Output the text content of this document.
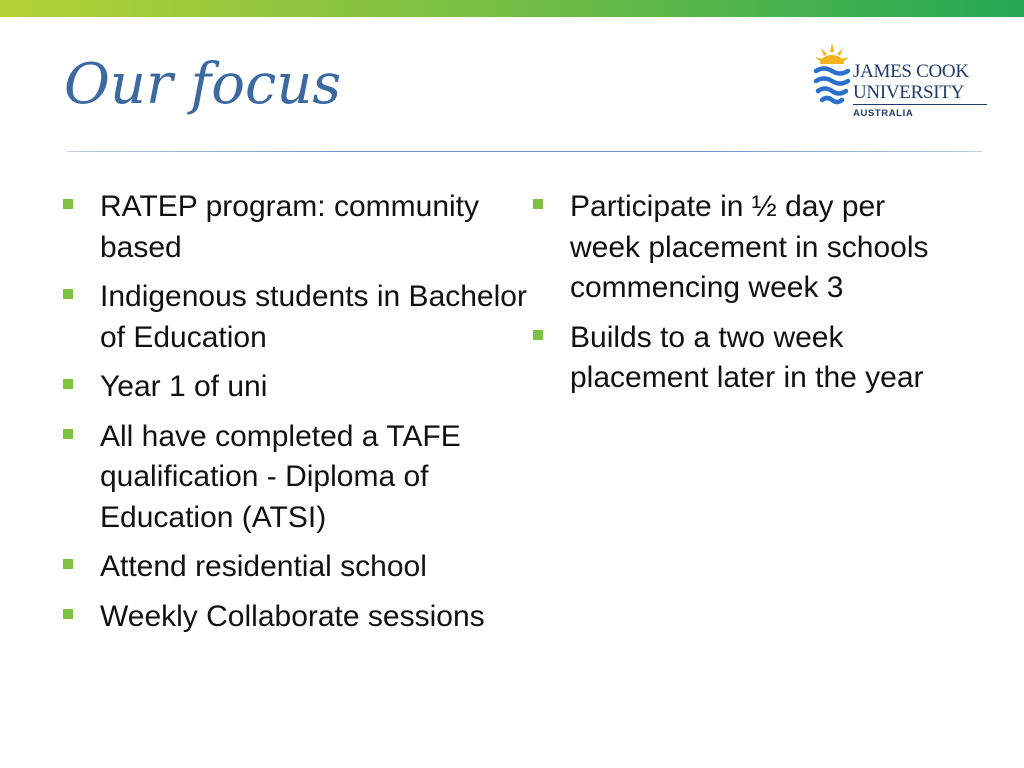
Our focus	JAMES COOK
UNIVERSITY
AUSTRALIA
RATEP program: community based
Indigenous students in Bachelor of Education
Year 1 of uni
All have completed a TAFE qualification - Diploma of Education (ATSI)
Attend residential school
Weekly Collaborate sessions
Participate in ½ day per week placement in schools commencing week 3
Builds to a two week placement later in the year
